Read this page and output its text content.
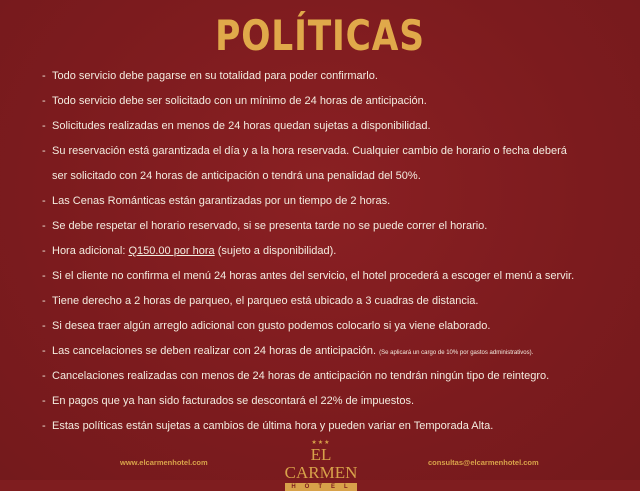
POLÍTICAS
- Todo servicio debe pagarse en su totalidad para poder confirmarlo.
- Todo servicio debe ser solicitado con un mínimo de 24 horas de anticipación.
- Solicitudes realizadas en menos de 24 horas quedan sujetas a disponibilidad.
- Su reservación está garantizada el día y a la hora reservada. Cualquier cambio de horario o fecha deberá
ser solicitado con 24 horas de anticipación o tendrá una penalidad del 50%.
- Las Cenas Románticas están garantizadas por un tiempo de 2 horas.
- Se debe respetar el horario reservado, si se presenta tarde no se puede correr el horario.
- Hora adicional: Q150.00 por hora (sujeto a disponibilidad).
- Si el cliente no confirma el menú 24 horas antes del servicio, el hotel procederá a escoger el menú a servir.
- Tiene derecho a 2 horas de parqueo, el parqueo está ubicado a 3 cuadras de distancia.
- Si desea traer algún arreglo adicional con gusto podemos colocarlo si ya viene elaborado.
- Las cancelaciones se deben realizar con 24 horas de anticipación. (Se aplicará un cargo de 10% por gastos administrativos).
- Cancelaciones realizadas con menos de 24 horas de anticipación no tendrán ningún tipo de reintegro.
- En pagos que ya han sido facturados se descontará el 22% de impuestos.
- Estas políticas están sujetas a cambios de última hora y pueden variar en Temporada Alta.
www.elcarmenhotel.com
★★★
EL CARMEN
HOTEL
consultas@elcarmenhotel.com
